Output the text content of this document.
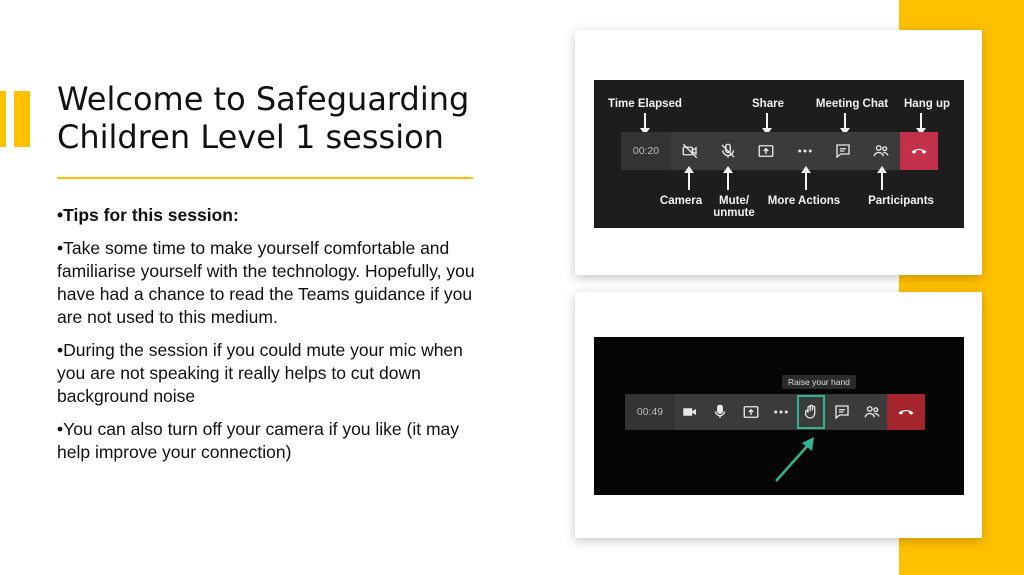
Welcome to Safeguarding
Children Level 1 session

•Tips for this session:

•Take some time to make yourself comfortable and familiarise yourself with the technology. Hopefully, you have had a chance to read the Teams guidance if you are not used to this medium.

•During the session if you could mute your mic when you are not speaking it really helps to cut down background noise

•You can also turn off your camera if you like (it may help improve your connection)

Time Elapsed	Share	Meeting Chat Hang up
00:20
Camera	Mute/
unmute
More Actions Participants
Raise your hand
00:49
